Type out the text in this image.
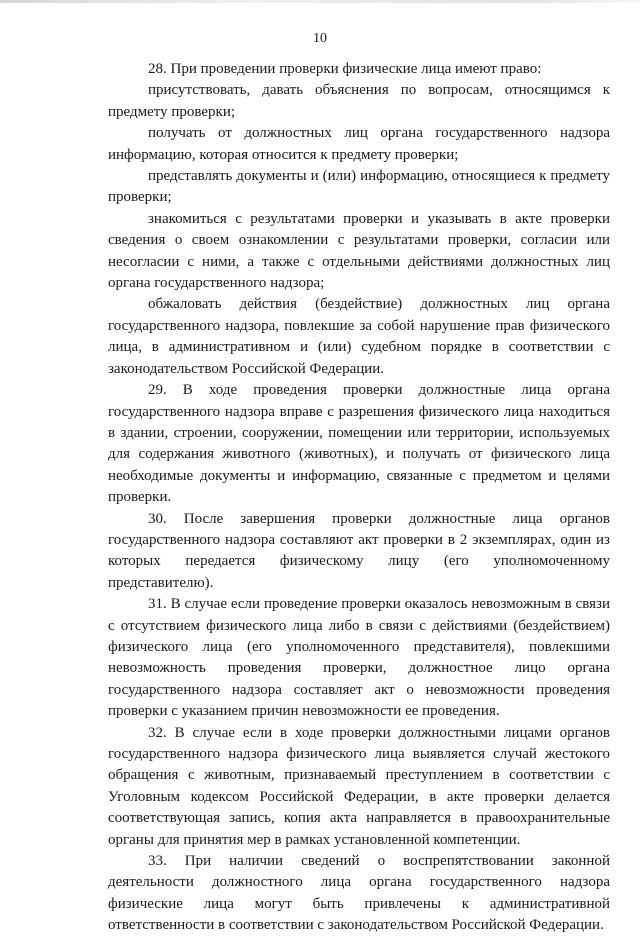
10

28. При проведении проверки физические лица имеют право:

присутствовать, давать объяснения по вопросам, относящимся к предмету проверки;

получать от должностных лиц органа государственного надзора информацию, которая относится к предмету проверки;

представлять документы и (или) информацию, относящиеся к предмету проверки;

знакомиться с результатами проверки и указывать в акте проверки сведения о своем ознакомлении с результатами проверки, согласии или несогласии с ними, а также с отдельными действиями должностных лиц органа государственного надзора;

обжаловать действия (бездействие) должностных лиц органа государственного надзора, повлекшие за собой нарушение прав физического лица, в административном и (или) судебном порядке в соответствии с законодательством Российской Федерации.

29. В ходе проведения проверки должностные лица органа государственного надзора вправе с разрешения физического лица находиться в здании, строении, сооружении, помещении или территории, используемых для содержания животного (животных), и получать от физического лица необходимые документы и информацию, связанные с предметом и целями проверки.

30. После завершения проверки должностные лица органов государственного надзора составляют акт проверки в 2 экземплярах, один из которых передается физическому лицу (его уполномоченному представителю).

31. В случае если проведение проверки оказалось невозможным в связи с отсутствием физического лица либо в связи с действиями (бездействием) физического лица (его уполномоченного представителя), повлекшими невозможность проведения проверки, должностное лицо органа государственного надзора составляет акт о невозможности проведения проверки с указанием причин невозможности ее проведения.

32. В случае если в ходе проверки должностными лицами органов государственного надзора физического лица выявляется случай жестокого обращения с животным, признаваемый преступлением в соответствии с Уголовным кодексом Российской Федерации, в акте проверки делается соответствующая запись, копия акта направляется в правоохранительные органы для принятия мер в рамках установленной компетенции.

33. При наличии сведений о воспрепятствовании законной деятельности должностного лица органа государственного надзора физические лица могут быть привлечены к административной ответственности в соответствии с законодательством Российской Федерации.
